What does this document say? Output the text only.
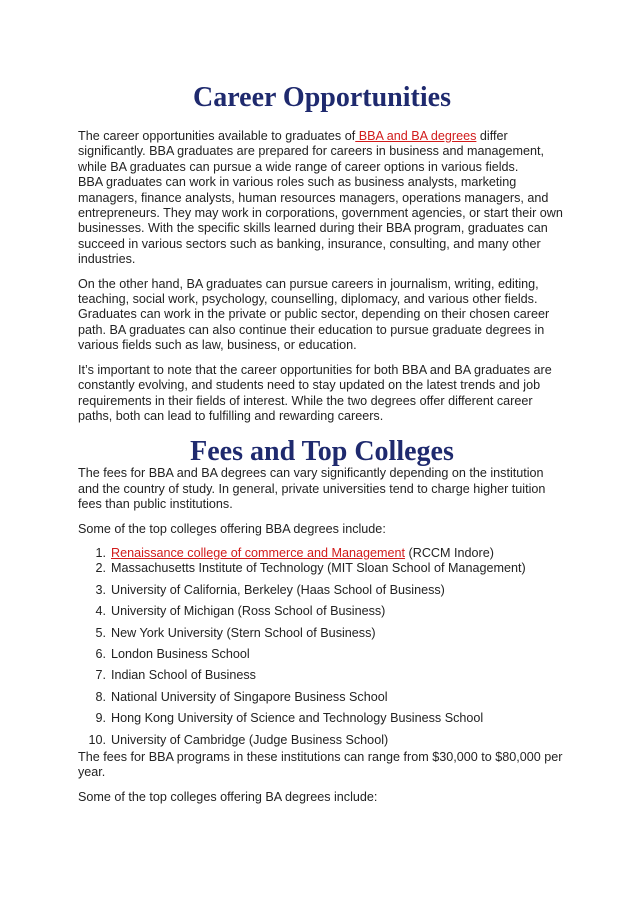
Career Opportunities

The career opportunities available to graduates of BBA and BA degrees differ significantly. BBA graduates are prepared for careers in business and management, while BA graduates can pursue a wide range of career options in various fields.

BBA graduates can work in various roles such as business analysts, marketing managers, finance analysts, human resources managers, operations managers, and entrepreneurs. They may work in corporations, government agencies, or start their own businesses. With the specific skills learned during their BBA program, graduates can succeed in various sectors such as banking, insurance, consulting, and many other industries.

On the other hand, BA graduates can pursue careers in journalism, writing, editing, teaching, social work, psychology, counselling, diplomacy, and various other fields. Graduates can work in the private or public sector, depending on their chosen career path. BA graduates can also continue their education to pursue graduate degrees in various fields such as law, business, or education.

It’s important to note that the career opportunities for both BBA and BA graduates are constantly evolving, and students need to stay updated on the latest trends and job requirements in their fields of interest. While the two degrees offer different career paths, both can lead to fulfilling and rewarding careers.

Fees and Top Colleges

The fees for BBA and BA degrees can vary significantly depending on the institution and the country of study. In general, private universities tend to charge higher tuition fees than public institutions.

Some of the top colleges offering BBA degrees include:

1. Renaissance college of commerce and Management (RCCM Indore)
2. Massachusetts Institute of Technology (MIT Sloan School of Management)
3. University of California, Berkeley (Haas School of Business)
4. University of Michigan (Ross School of Business)
5. New York University (Stern School of Business)
6. London Business School
7. Indian School of Business
8. National University of Singapore Business School
9. Hong Kong University of Science and Technology Business School
10. University of Cambridge (Judge Business School)

The fees for BBA programs in these institutions can range from $30,000 to $80,000 per year.

Some of the top colleges offering BA degrees include:
